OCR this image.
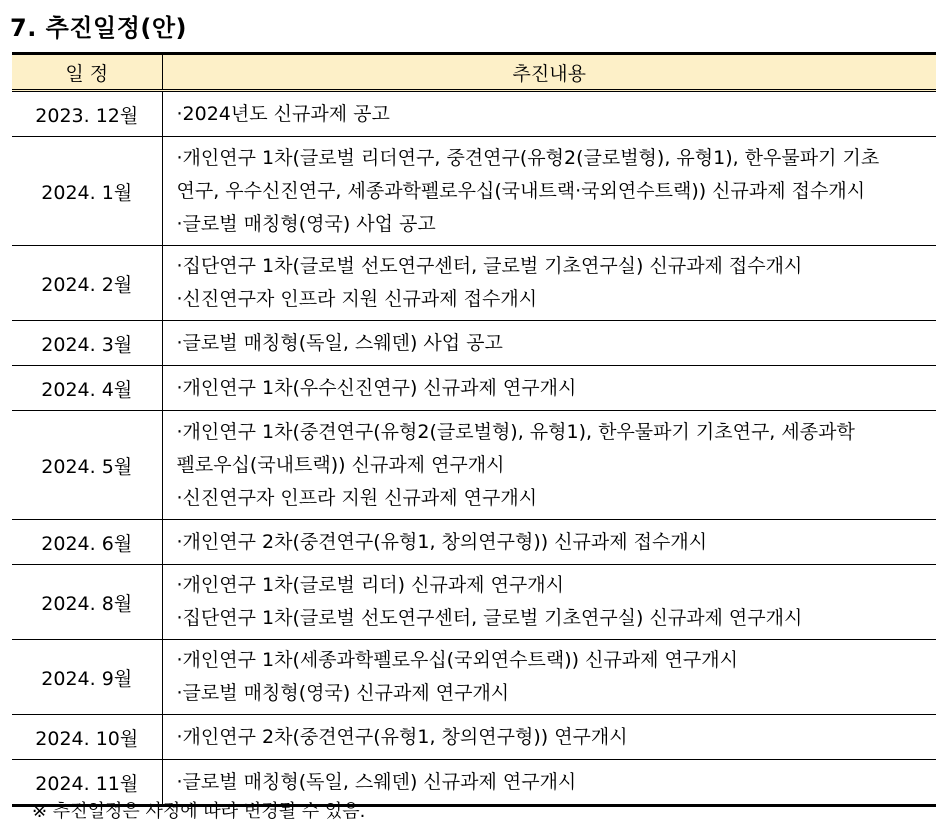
7. 추진일정(안)
일 정	추진내용
2023. 12월	·2024년도 신규과제 공고

2024. 1월	·개인연구 1차(글로벌 리더연구, 중견연구(유형2(글로벌형), 유형1), 한우물파기 기초
연구, 우수신진연구, 세종과학펠로우십(국내트랙·국외연수트랙)) 신규과제 접수개시
·글로벌 매칭형(영국) 사업 공고

2024. 2월	·집단연구 1차(글로벌 선도연구센터, 글로벌 기초연구실) 신규과제 접수개시
·신진연구자 인프라 지원 신규과제 접수개시

2024. 3월	·글로벌 매칭형(독일, 스웨덴) 사업 공고

2024. 4월	·개인연구 1차(우수신진연구) 신규과제 연구개시

2024. 5월	·개인연구 1차(중견연구(유형2(글로벌형), 유형1), 한우물파기 기초연구, 세종과학
펠로우십(국내트랙)) 신규과제 연구개시
·신진연구자 인프라 지원 신규과제 연구개시

2024. 6월	·개인연구 2차(중견연구(유형1, 창의연구형)) 신규과제 접수개시

2024. 8월	·개인연구 1차(글로벌 리더) 신규과제 연구개시
·집단연구 1차(글로벌 선도연구센터, 글로벌 기초연구실) 신규과제 연구개시

2024. 9월	·개인연구 1차(세종과학펠로우십(국외연수트랙)) 신규과제 연구개시
·글로벌 매칭형(영국) 신규과제 연구개시

2024. 10월	·개인연구 2차(중견연구(유형1, 창의연구형)) 연구개시

2024. 11월	·글로벌 매칭형(독일, 스웨덴) 신규과제 연구개시
※ 추진일정은 사정에 따라 변경될 수 있음.
